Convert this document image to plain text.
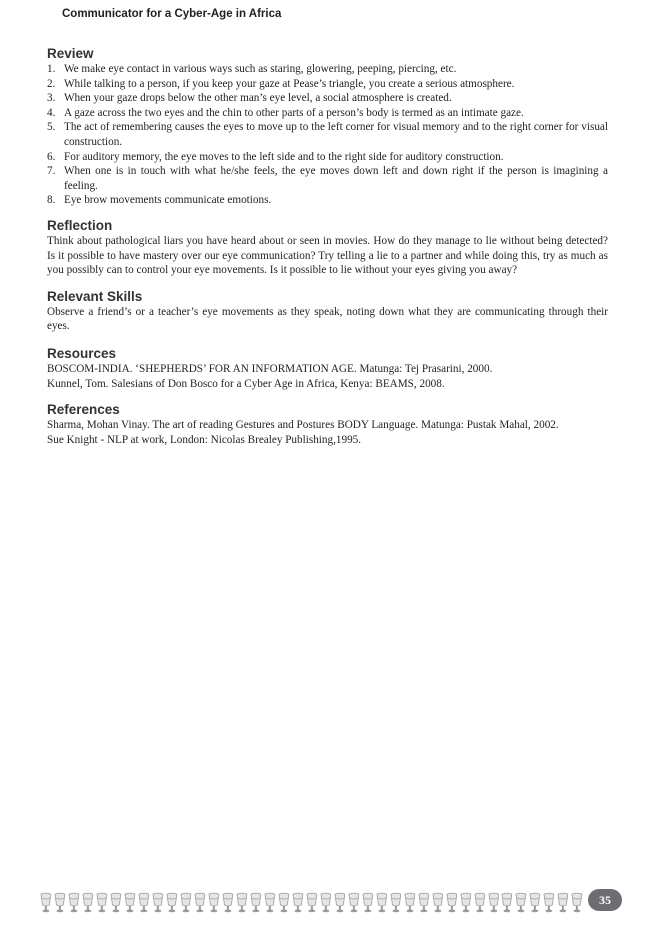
Communicator for a Cyber-Age in Africa
Review
1. We make eye contact in various ways such as staring, glowering, peeping, piercing, etc.
2. While talking to a person, if you keep your gaze at Pease’s triangle, you create a serious atmosphere.
3. When your gaze drops below the other man’s eye level, a social atmosphere is created.
4. A gaze across the two eyes and the chin to other parts of a person’s body is termed as an intimate gaze.
5. The act of remembering causes the eyes to move up to the left corner for visual memory and to the right corner for visual construction.
6. For auditory memory, the eye moves to the left side and to the right side for auditory construction.
7. When one is in touch with what he/she feels, the eye moves down left and down right if the person is imagining a feeling.
8. Eye brow movements communicate emotions.
Reflection

Think about pathological liars you have heard about or seen in movies. How do they manage to lie without being detected? Is it possible to have mastery over our eye communication? Try telling a lie to a partner and while doing this, try as much as you possibly can to control your eye movements. Is it possible to lie without your eyes giving you away?

Relevant Skills

Observe a friend’s or a teacher’s eye movements as they speak, noting down what they are communicating through their eyes.

Resources

BOSCOM-INDIA. ‘SHEPHERDS’ FOR AN INFORMATION AGE. Matunga: Tej Prasarini, 2000.

Kunnel, Tom. Salesians of Don Bosco for a Cyber Age in Africa, Kenya: BEAMS, 2008.

References

Sharma, Mohan Vinay. The art of reading Gestures and Postures BODY Language. Matunga: Pustak Mahal, 2002.

Sue Knight - NLP at work, London: Nicolas Brealey Publishing,1995.

35
